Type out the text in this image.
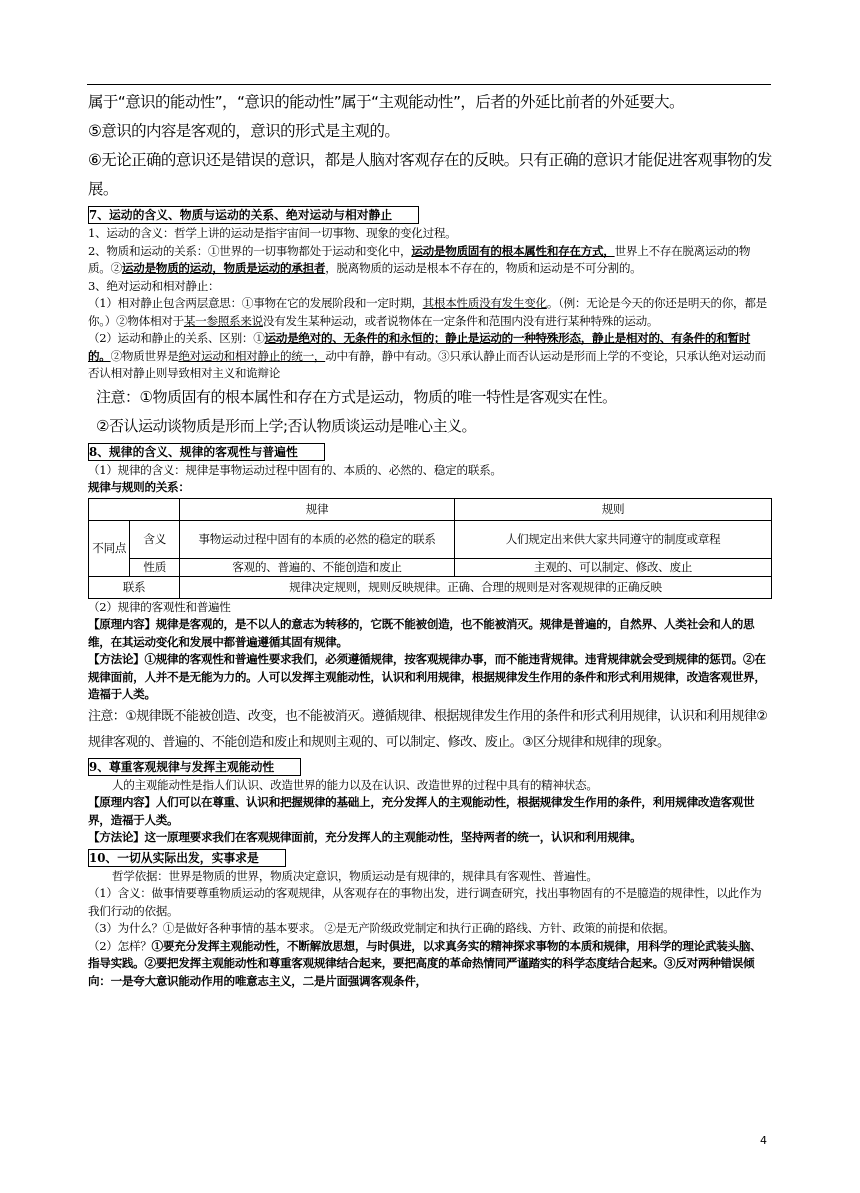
属于“意识的能动性”，“意识的能动性”属于“主观能动性”，后者的外延比前者的外延要大。
⑤意识的内容是客观的，意识的形式是主观的。
⑥无论正确的意识还是错误的意识，都是人脑对客观存在的反映。只有正确的意识才能促进客观事物的发展。
7、运动的含义、物质与运动的关系、绝对运动与相对静止
1、运动的含义：哲学上讲的运动是指宇宙间一切事物、现象的变化过程。
2、物质和运动的关系：①世界的一切事物都处于运动和变化中，运动是物质固有的根本属性和存在方式，世界上不存在脱离运动的物质。②运动是物质的运动，物质是运动的承担者，脱离物质的运动是根本不存在的，物质和运动是不可分割的。
3、绝对运动和相对静止：
（1）相对静止包含两层意思：①事物在它的发展阶段和一定时期，其根本性质没有发生变化。（例：无论是今天的你还是明天的你，都是你。）②物体相对于某一参照系来说没有发生某种运动，或者说物体在一定条件和范围内没有进行某种特殊的运动。
（2）运动和静止的关系、区别：①运动是绝对的、无条件的和永恒的；静止是运动的一种特殊形态，静止是相对的、有条件的和暂时的。②物质世界是绝对运动和相对静止的统一，动中有静，静中有动。③只承认静止而否认运动是形而上学的不变论，只承认绝对运动而否认相对静止则导致相对主义和诡辩论
注意：①物质固有的根本属性和存在方式是运动，物质的唯一特性是客观实在性。
②否认运动谈物质是形而上学;否认物质谈运动是唯心主义。
8、规律的含义、规律的客观性与普遍性
（1）规律的含义：规律是事物运动过程中固有的、本质的、必然的、稳定的联系。
规律与规则的关系：
		规律	规则
不同点	含义	事物运动过程中固有的本质的必然的稳定的联系	人们规定出来供大家共同遵守的制度或章程
	性质	客观的、普遍的、不能创造和废止	主观的、可以制定、修改、废止
联系		规律决定规则，规则反映规律。正确、合理的规则是对客观规律的正确反映	
（2）规律的客观性和普遍性
【原理内容】规律是客观的，是不以人的意志为转移的，它既不能被创造，也不能被消灭。规律是普遍的，自然界、人类社会和人的思维，在其运动变化和发展中都普遍遵循其固有规律。
【方法论】①规律的客观性和普遍性要求我们，必须遵循规律，按客观规律办事，而不能违背规律。违背规律就会受到规律的惩罚。②在规律面前，人并不是无能为力的。人可以发挥主观能动性，认识和利用规律，根据规律发生作用的条件和形式利用规律，改造客观世界，造福于人类。
注意：①规律既不能被创造、改变，也不能被消灭。遵循规律、根据规律发生作用的条件和形式利用规律，认识和利用规律②规律客观的、普遍的、不能创造和废止和规则主观的、可以制定、修改、废止。③区分规律和规律的现象。
9、尊重客观规律与发挥主观能动性
人的主观能动性是指人们认识、改造世界的能力以及在认识、改造世界的过程中具有的精神状态。
【原理内容】人们可以在尊重、认识和把握规律的基础上，充分发挥人的主观能动性，根据规律发生作用的条件，利用规律改造客观世界，造福于人类。
【方法论】这一原理要求我们在客观规律面前，充分发挥人的主观能动性，坚持两者的统一，认识和利用规律。
10、一切从实际出发，实事求是
哲学依据：世界是物质的世界，物质决定意识，物质运动是有规律的，规律具有客观性、普遍性。
（1）含义：做事情要尊重物质运动的客观规律，从客观存在的事物出发，进行调查研究，找出事物固有的不是臆造的规律性，以此作为我们行动的依据。
（3）为什么？①是做好各种事情的基本要求。 ②是无产阶级政党制定和执行正确的路线、方针、政策的前提和依据。
（2）怎样？①要充分发挥主观能动性，不断解放思想，与时俱进，以求真务实的精神探求事物的本质和规律，用科学的理论武装头脑、指导实践。②要把发挥主观能动性和尊重客观规律结合起来，要把高度的革命热情同严谨踏实的科学态度结合起来。③反对两种错误倾向：一是夸大意识能动作用的唯意志主义，二是片面强调客观条件，
4
